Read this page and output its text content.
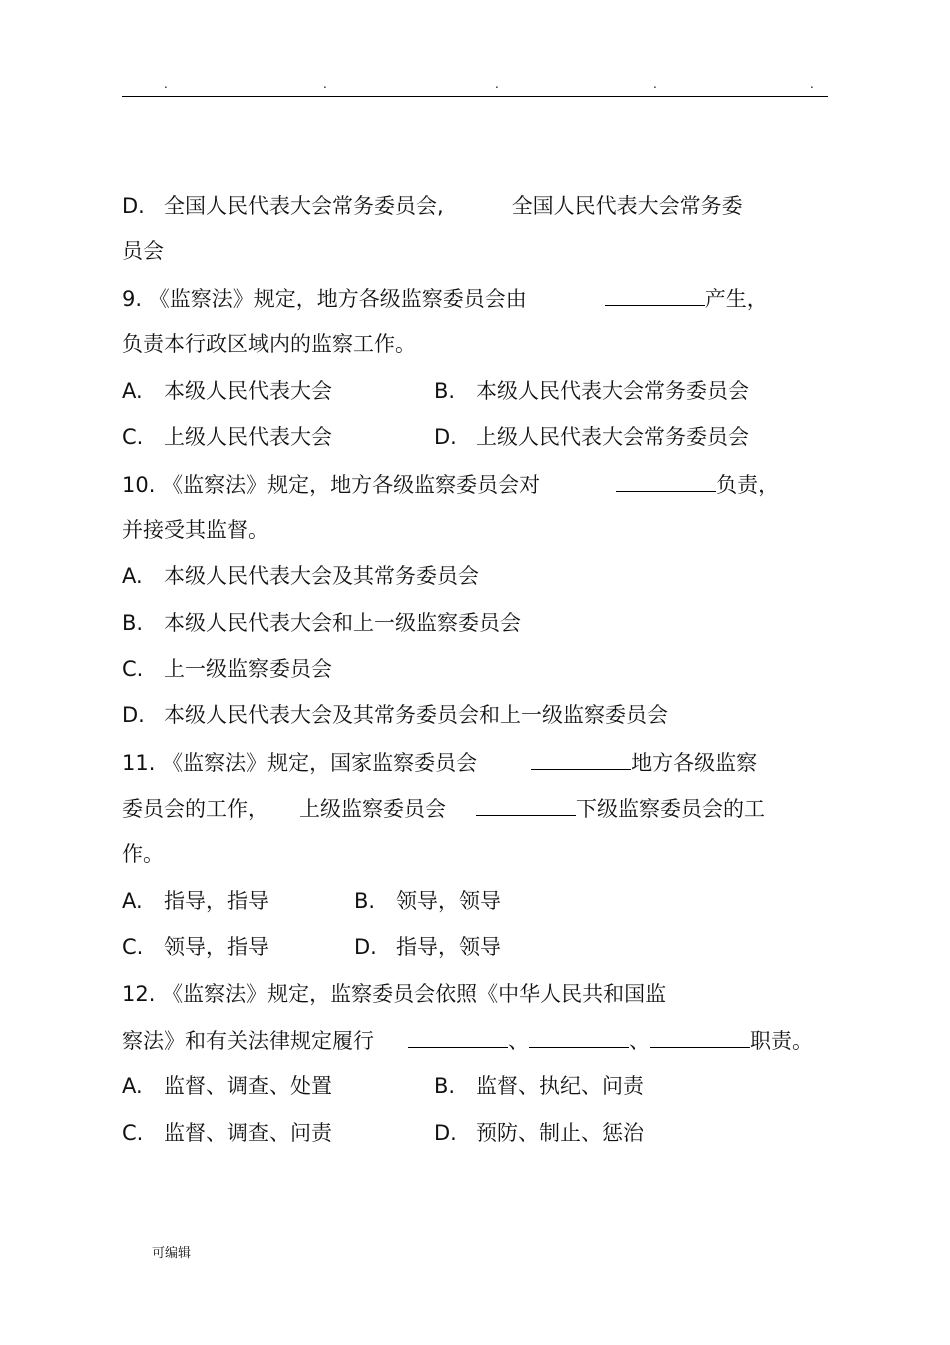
.	.	.	.	.
D. 全国人民代表大会常务委员会,	全国人民代表大会常务委
员会
9. 《监察法》规定，地方各级监察委员会由	产生，
负责本行政区域内的监察工作。
A. 本级人民代表大会	B. 本级人民代表大会常务委员会
C. 上级人民代表大会	D. 上级人民代表大会常务委员会
10. 《监察法》规定，地方各级监察委员会对	负责，
并接受其监督。
A. 本级人民代表大会及其常务委员会
B. 本级人民代表大会和上一级监察委员会
C. 上一级监察委员会
D. 本级人民代表大会及其常务委员会和上一级监察委员会
11. 《监察法》规定，国家监察委员会	地方各级监察
委员会的工作， 上级监察委员会	下级监察委员会的工
作。
A. 指导，指导	B. 领导，领导
C. 领导，指导	D. 指导，领导
12. 《监察法》规定，监察委员会依照《中华人民共和国监
察法》和有关法律规定履行	、	、	职责。
A. 监督、调查、处置	B. 监督、执纪、问责
C. 监督、调查、问责	D. 预防、制止、惩治
可编辑
